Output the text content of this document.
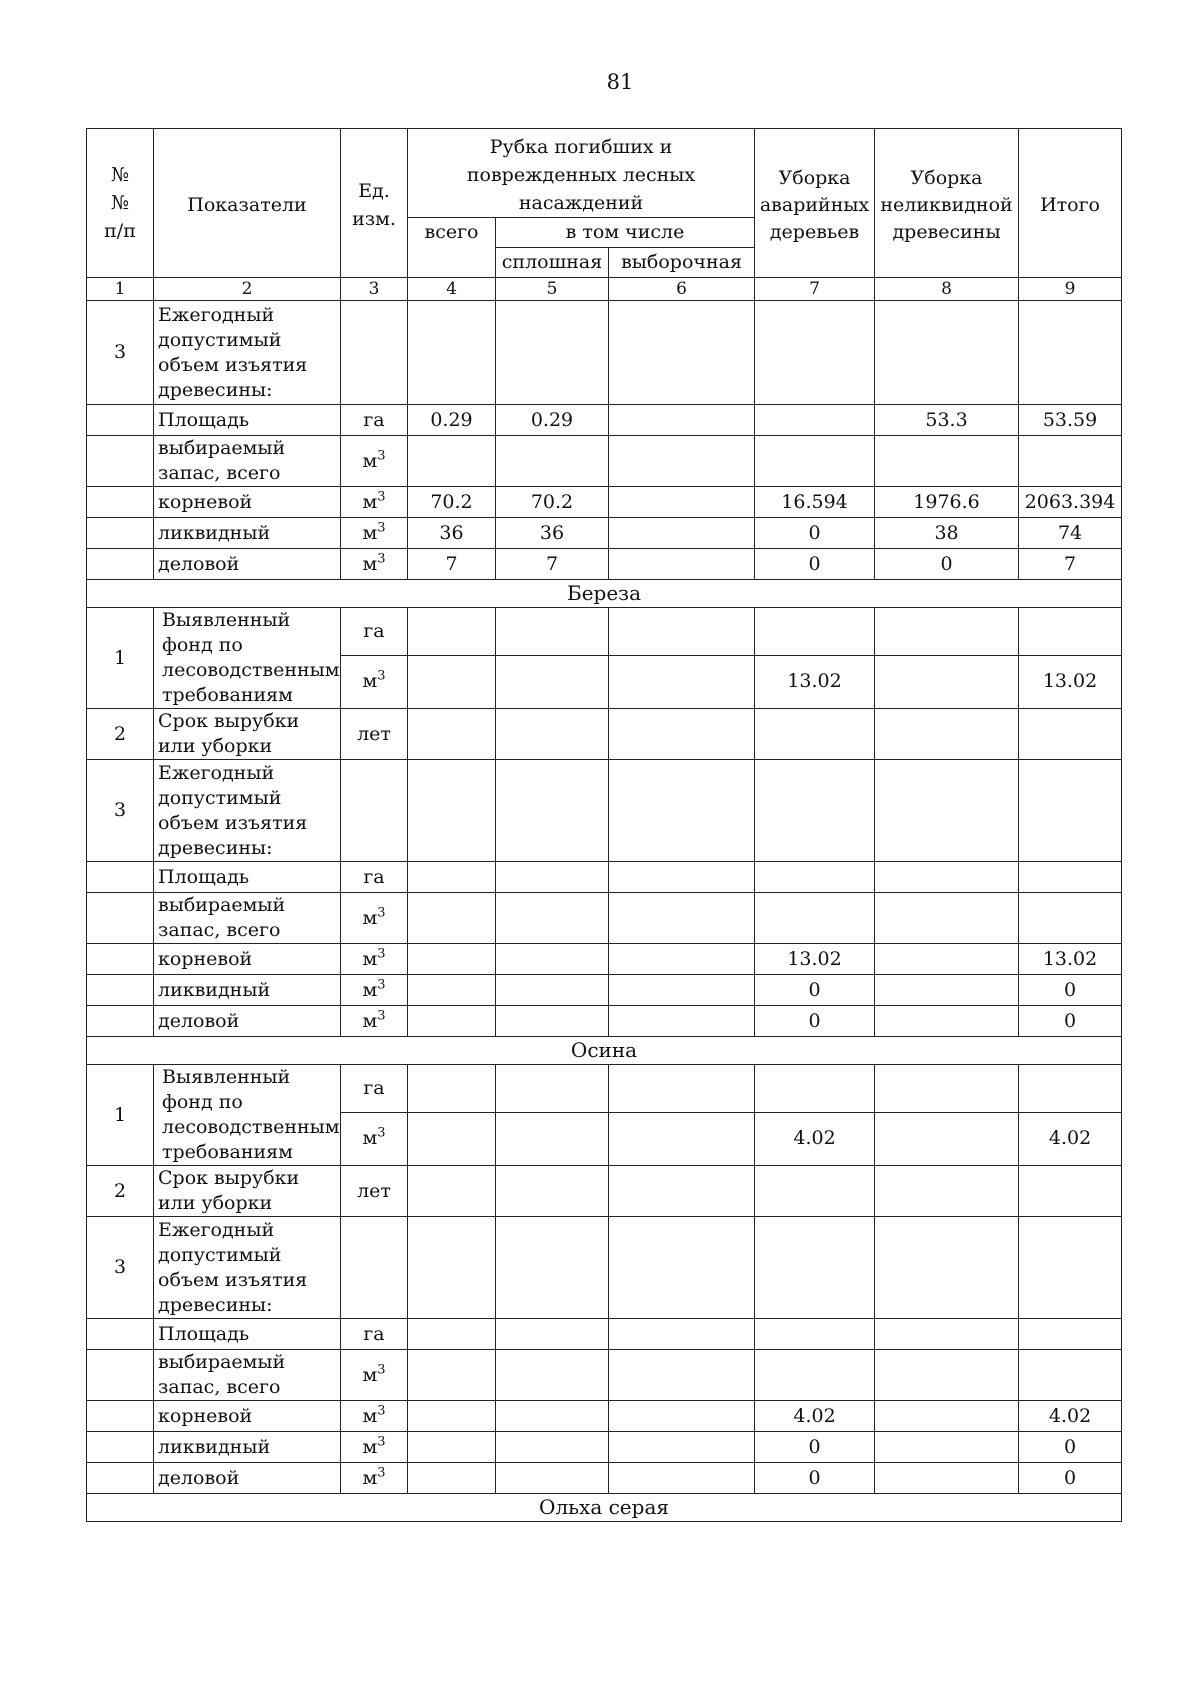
81
№
№
п/п	Показатели	Ед. изм.	Рубка погибших и поврежденных лесных насаждений			Уборка аварийных деревьев	Уборка неликвидной древесины	Итого
			всего	в том числе				
				сплошная	выборочная			
1	2	3	4	5	6	7	8	9
3	Ежегодный допустимый объем изъятия древесины:							
	Площадь	га	0.29	0.29			53.3	53.59
	выбираемый запас, всего	$м^3$						
	корневой	$м^3$	70.2	70.2		16.594	1976.6	2063.394
	ликвидный	$м^3$	36	36		0	38	74
	деловой	$м^3$	7	7		0	0	7
Береза								
1	Выявленный фонд по лесоводственным требованиям	га						
		$м^3$				13.02		13.02
2	Срок вырубки или уборки	лет						
3	Ежегодный допустимый объем изъятия древесины:							
	Площадь	га						
	выбираемый запас, всего	$м^3$						
	корневой	$м^3$				13.02		13.02
	ликвидный	$м^3$				0		0
	деловой	$м^3$				0		0
Осина								
1	Выявленный фонд по лесоводственным требованиям	га						
		$м^3$				4.02		4.02
2	Срок вырубки или уборки	лет						
3	Ежегодный допустимый объем изъятия древесины:							
	Площадь	га						
	выбираемый запас, всего	$м^3$						
	корневой	$м^3$				4.02		4.02
	ликвидный	$м^3$				0		0
	деловой	$м^3$				0		0
Ольха серая								
